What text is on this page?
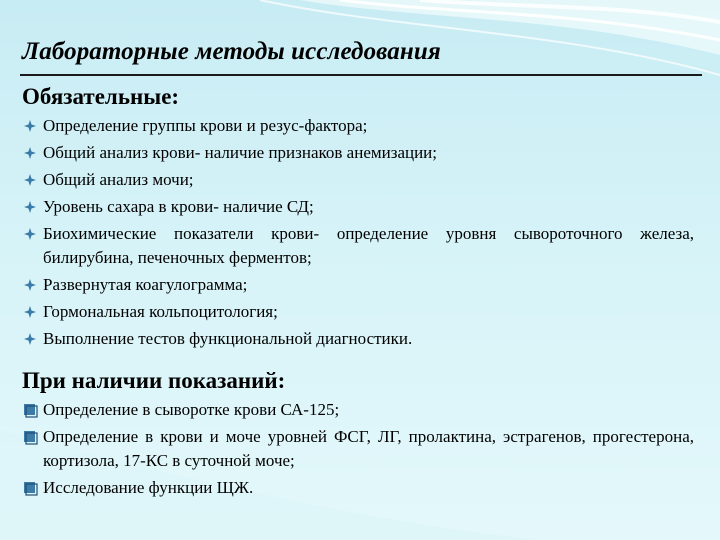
Лабораторные методы исследования
Обязательные:
Определение группы крови и резус-фактора;
Общий анализ крови- наличие признаков анемизации;
Общий анализ мочи;
Уровень сахара в крови- наличие СД;
Биохимические показатели крови- определение уровня сывороточного железа, билирубина, печеночных ферментов;
Развернутая коагулограмма;
Гормональная кольпоцитология;
Выполнение тестов функциональной диагностики.
При наличии показаний:
Определение в сыворотке крови СА-125;
Определение в крови и моче уровней ФСГ, ЛГ, пролактина, эстрагенов, прогестерона, кортизола, 17-КС в суточной моче;
Исследование функции ЩЖ.
